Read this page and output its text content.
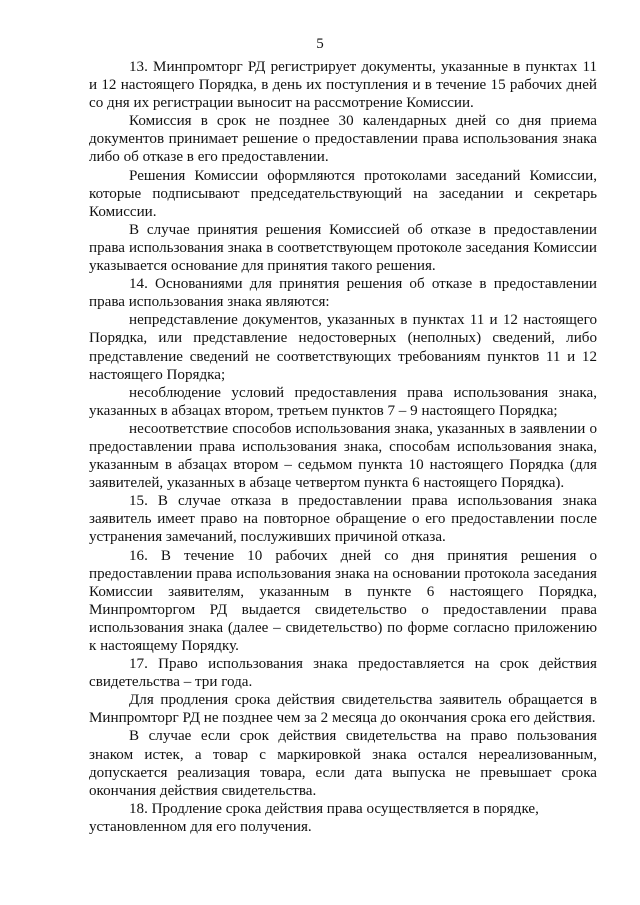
5

13. Минпромторг РД регистрирует документы, указанные в пунктах 11 и 12 настоящего Порядка, в день их поступления и в течение 15 рабочих дней со дня их регистрации выносит на рассмотрение Комиссии.

Комиссия в срок не позднее 30 календарных дней со дня приема документов принимает решение о предоставлении права использования знака либо об отказе в его предоставлении.

Решения Комиссии оформляются протоколами заседаний Комиссии, которые подписывают председательствующий на заседании и секретарь Комиссии.

В случае принятия решения Комиссией об отказе в предоставлении права использования знака в соответствующем протоколе заседания Комиссии указывается основание для принятия такого решения.

14. Основаниями для принятия решения об отказе в предоставлении права использования знака являются:

непредставление документов, указанных в пунктах 11 и 12 настоящего Порядка, или представление недостоверных (неполных) сведений, либо представление сведений не соответствующих требованиям пунктов 11 и 12 настоящего Порядка;

несоблюдение условий предоставления права использования знака, указанных в абзацах втором, третьем пунктов 7 – 9 настоящего Порядка;

несоответствие способов использования знака, указанных в заявлении о предоставлении права использования знака, способам использования знака, указанным в абзацах втором – седьмом пункта 10 настоящего Порядка (для заявителей, указанных в абзаце четвертом пункта 6 настоящего Порядка).

15. В случае отказа в предоставлении права использования знака заявитель имеет право на повторное обращение о его предоставлении после устранения замечаний, послуживших причиной отказа.

16. В течение 10 рабочих дней со дня принятия решения о предоставлении права использования знака на основании протокола заседания Комиссии заявителям, указанным в пункте 6 настоящего Порядка, Минпромторгом РД выдается свидетельство о предоставлении права использования знака (далее – свидетельство) по форме согласно приложению к настоящему Порядку.

17. Право использования знака предоставляется на срок действия свидетельства – три года.

Для продления срока действия свидетельства заявитель обращается в Минпромторг РД не позднее чем за 2 месяца до окончания срока его действия.

В случае если срок действия свидетельства на право пользования знаком истек, а товар с маркировкой знака остался нереализованным, допускается реализация товара, если дата выпуска не превышает срока окончания действия свидетельства.

18. Продление срока действия права осуществляется в порядке, установленном для его получения.
